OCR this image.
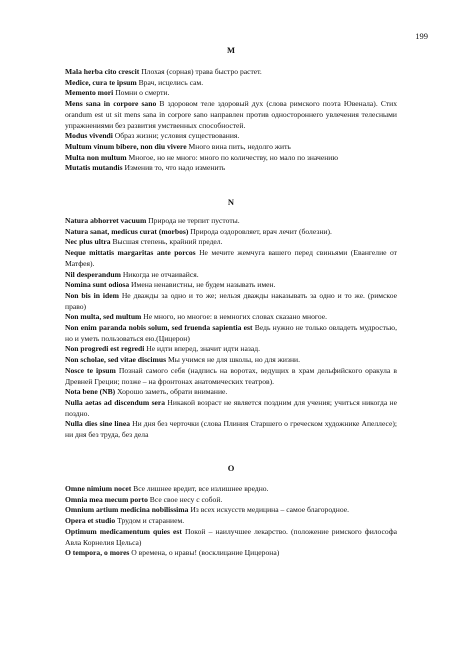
199
M

Mala herba cito crescit Плохая (сорная) трава быстро растет.

Medice, cura te ipsum Врач, исцелись сам.

Memento mori Помни о смерти.

Mens sana in corpore sano В здоровом теле здоровый дух (слова римского поэта Ювенала). Стих orandum est ut sit mens sana in corpore sano направлен против одностороннего увлечения телесными упражнениями без развития умственных способностей.

Modus vivendi Образ жизни; условия существования.

Multum vinum bibere, non diu vivere Много вина пить, недолго жить

Multa non multum Многое, но не много: много по количеству, но мало по значению

Mutatis mutandis Изменив то, что надо изменить

N

Natura abhorret vacuum Природа не терпит пустоты.

Natura sanat, medicus curat (morbos) Природа оздоровляет, врач лечит (болезни).

Nec plus ultra Высшая степень, крайний предел.

Neque mittatis margaritas ante porcos Не мечите жемчуга вашего перед свиньями (Евангелие от Матфея).

Nil desperandum Никогда не отчаивайся.

Nomina sunt odiosa Имена ненавистны, не будем называть имен.

Non bis in idem Не дважды за одно и то же; нельзя дважды наказывать за одно и то же. (римское право)

Non multa, sed multum Не много, но многое: в немногих словах сказано многое.

Non enim paranda nobis solum, sed fruenda sapientia est Ведь нужно не только овладеть мудростью, но и уметь пользоваться ею.(Цицерон)

Non progredi est regredi Не идти вперед, значит идти назад.

Non scholae, sed vitae discimus Мы учимся не для школы, но для жизни.

Nosce te ipsum Познай самого себя (надпись на воротах, ведущих в храм дельфийского оракула в Древней Греции; позже – на фронтонах анатомических театров).

Nota bene (NB) Хорошо заметь, обрати внимание.

Nulla aetas ad discendum sera Никакой возраст не является поздним для учения; учиться никогда не поздно.

Nulla dies sine linea Ни дня без черточки (слова Плиния Старшего о греческом художнике Апеллесе); ни дня без труда, без дела

O

Omne nimium nocet Все лишнее вредит, все излишнее вредно.

Omnia mea mecum porto Все свое несу с собой.

Omnium artium medicina nobilissima Из всех искусств медицина – самое благородное.

Opera et studio Трудом и старанием.

Optimum medicamentum quies est Покой – наилучшее лекарство. (положение римского философа Авла Корнелия Цельса)

O tempora, o mores О времена, о нравы! (восклицание Цицерона)
